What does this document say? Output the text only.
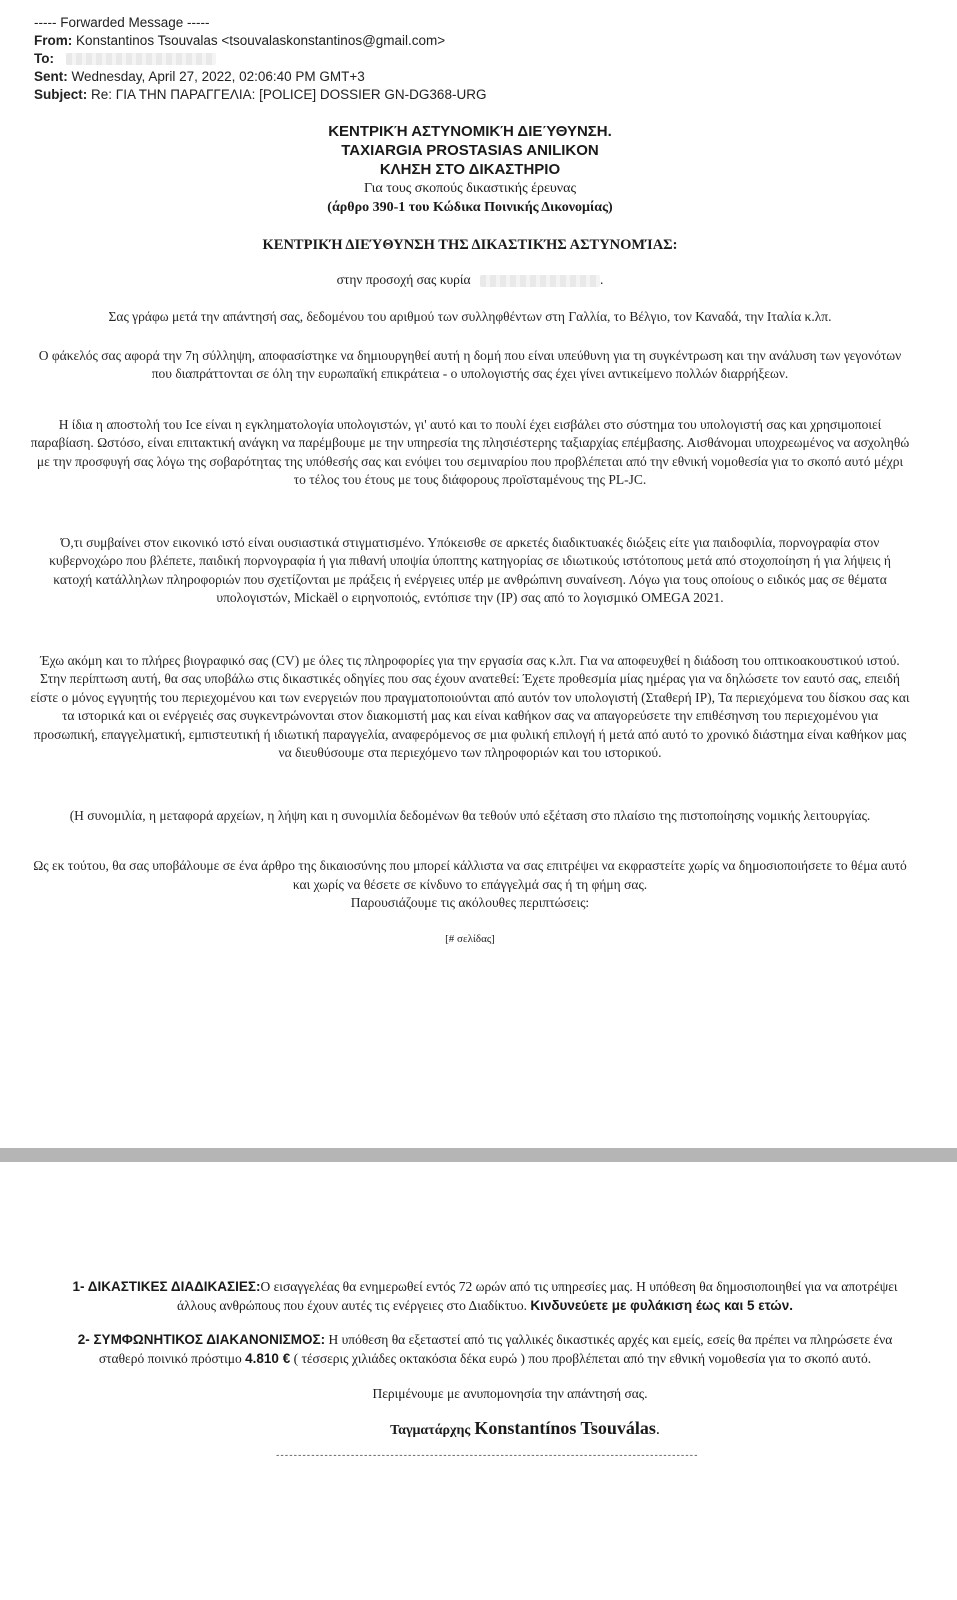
----- Forwarded Message -----
From: Konstantinos Tsouvalas <tsouvalaskonstantinos@gmail.com>
To:
Sent: Wednesday, April 27, 2022, 02:06:40 PM GMT+3
Subject: Re: ΓΙΑ ΤΗΝ ΠΑΡΑΓΓΕΛΙΑ: [POLICE] DOSSIER GN-DG368-URG
ΚΕΝΤΡΙΚΉ ΑΣΤΥΝΟΜΙΚΉ ΔΙΕΎΘΥΝΣΗ.
TAXIARGIA PROSTASIAS ANILIKON
ΚΛΗΣΗ ΣΤΟ ΔΙΚΑΣΤΗΡΙΟ
Για τους σκοπούς δικαστικής έρευνας
(άρθρο 390-1 του Κώδικα Ποινικής Δικονομίας)
ΚΕΝΤΡΙΚΉ ΔΙΕΎΘΥΝΣΗ ΤΗΣ ΔΙΚΑΣΤΙΚΉΣ ΑΣΤΥΝΟΜΊΑΣ:
στην προσοχή σας κυρία	.
Σας γράφω μετά την απάντησή σας, δεδομένου του αριθμού των συλληφθέντων στη Γαλλία, το Βέλγιο, τον Καναδά, την Ιταλία κ.λπ.
Ο φάκελός σας αφορά την 7η σύλληψη, αποφασίστηκε να δημιουργηθεί αυτή η δομή που είναι υπεύθυνη για τη συγκέντρωση και την ανάλυση των γεγονότων που διαπράττονται σε όλη την ευρωπαϊκή επικράτεια - ο υπολογιστής σας έχει γίνει αντικείμενο πολλών διαρρήξεων.
Η ίδια η αποστολή του Ice είναι η εγκληματολογία υπολογιστών, γι' αυτό και το πουλί έχει εισβάλει στο σύστημα του υπολογιστή σας και χρησιμοποιεί παραβίαση. Ωστόσο, είναι επιτακτική ανάγκη να παρέμβουμε με την υπηρεσία της πλησιέστερης ταξιαρχίας επέμβασης. Αισθάνομαι υποχρεωμένος να ασχοληθώ με την προσφυγή σας λόγω της σοβαρότητας της υπόθεσής σας και ενόψει του σεμιναρίου που προβλέπεται από την εθνική νομοθεσία για το σκοπό αυτό μέχρι το τέλος του έτους με τους διάφορους προϊσταμένους της PL-JC.
Ό,τι συμβαίνει στον εικονικό ιστό είναι ουσιαστικά στιγματισμένο. Υπόκεισθε σε αρκετές διαδικτυακές διώξεις είτε για παιδοφιλία, πορνογραφία στον κυβερνοχώρο που βλέπετε, παιδική πορνογραφία ή για πιθανή υποψία ύποπτης κατηγορίας σε ιδιωτικούς ιστότοπους μετά από στοχοποίηση ή για λήψεις ή κατοχή κατάλληλων πληροφοριών που σχετίζονται με πράξεις ή ενέργειες υπέρ με ανθρώπινη συναίνεση. Λόγω για τους οποίους ο ειδικός μας σε θέματα υπολογιστών, Mickaël ο ειρηνοποιός, εντόπισε την (IP) σας από το λογισμικό OMEGA 2021.
Έχω ακόμη και το πλήρες βιογραφικό σας (CV) με όλες τις πληροφορίες για την εργασία σας κ.λπ. Για να αποφευχθεί η διάδοση του οπτικοακουστικού ιστού. Στην περίπτωση αυτή, θα σας υποβάλω στις δικαστικές οδηγίες που σας έχουν ανατεθεί: Έχετε προθεσμία μίας ημέρας για να δηλώσετε τον εαυτό σας, επειδή είστε ο μόνος εγγυητής του περιεχομένου και των ενεργειών που πραγματοποιούνται από αυτόν τον υπολογιστή (Σταθερή IP), Τα περιεχόμενα του δίσκου σας και τα ιστορικά και οι ενέργειές σας συγκεντρώνονται στον διακομιστή μας και είναι καθήκον σας να απαγορεύσετε την επιθέσηνση του περιεχομένου για προσωπική, επαγγελματική, εμπιστευτική ή ιδιωτική παραγγελία, αναφερόμενος σε μια φυλική επιλογή ή μετά από αυτό το χρονικό διάστημα είναι καθήκον μας να διευθύσουμε στα περιεχόμενο των πληροφοριών και του ιστορικού.
(Η συνομιλία, η μεταφορά αρχείων, η λήψη και η συνομιλία δεδομένων θα τεθούν υπό εξέταση στο πλαίσιο της πιστοποίησης νομικής λειτουργίας.
Ως εκ τούτου, θα σας υποβάλουμε σε ένα άρθρο της δικαιοσύνης που μπορεί κάλλιστα να σας επιτρέψει να εκφραστείτε χωρίς να δημοσιοποιήσετε το θέμα αυτό και χωρίς να θέσετε σε κίνδυνο το επάγγελμά σας ή τη φήμη σας.
Παρουσιάζουμε τις ακόλουθες περιπτώσεις:
[# σελίδας]
1- ΔΙΚΑΣΤΙΚΕΣ ΔΙΑΔΙΚΑΣΙΕΣ:Ο εισαγγελέας θα ενημερωθεί εντός 72 ωρών από τις υπηρεσίες μας. Η υπόθεση θα δημοσιοποιηθεί για να αποτρέψει άλλους ανθρώπους που έχουν αυτές τις ενέργειες στο Διαδίκτυο. Κινδυνεύετε με φυλάκιση έως και 5 ετών.
2- ΣΥΜΦΩΝΗΤΙΚΟΣ ΔΙΑΚΑΝΟΝΙΣΜΟΣ: Η υπόθεση θα εξεταστεί από τις γαλλικές δικαστικές αρχές και εμείς, εσείς θα πρέπει να πληρώσετε ένα σταθερό ποινικό πρόστιμο 4.810 € ( τέσσερις χιλιάδες οκτακόσια δέκα ευρώ ) που προβλέπεται από την εθνική νομοθεσία για το σκοπό αυτό.
Περιμένουμε με ανυπομονησία την απάντησή σας.
Ταγματάρχης Konstantínos Tsouválas.
------------------------------------------------------------------------------------------------
